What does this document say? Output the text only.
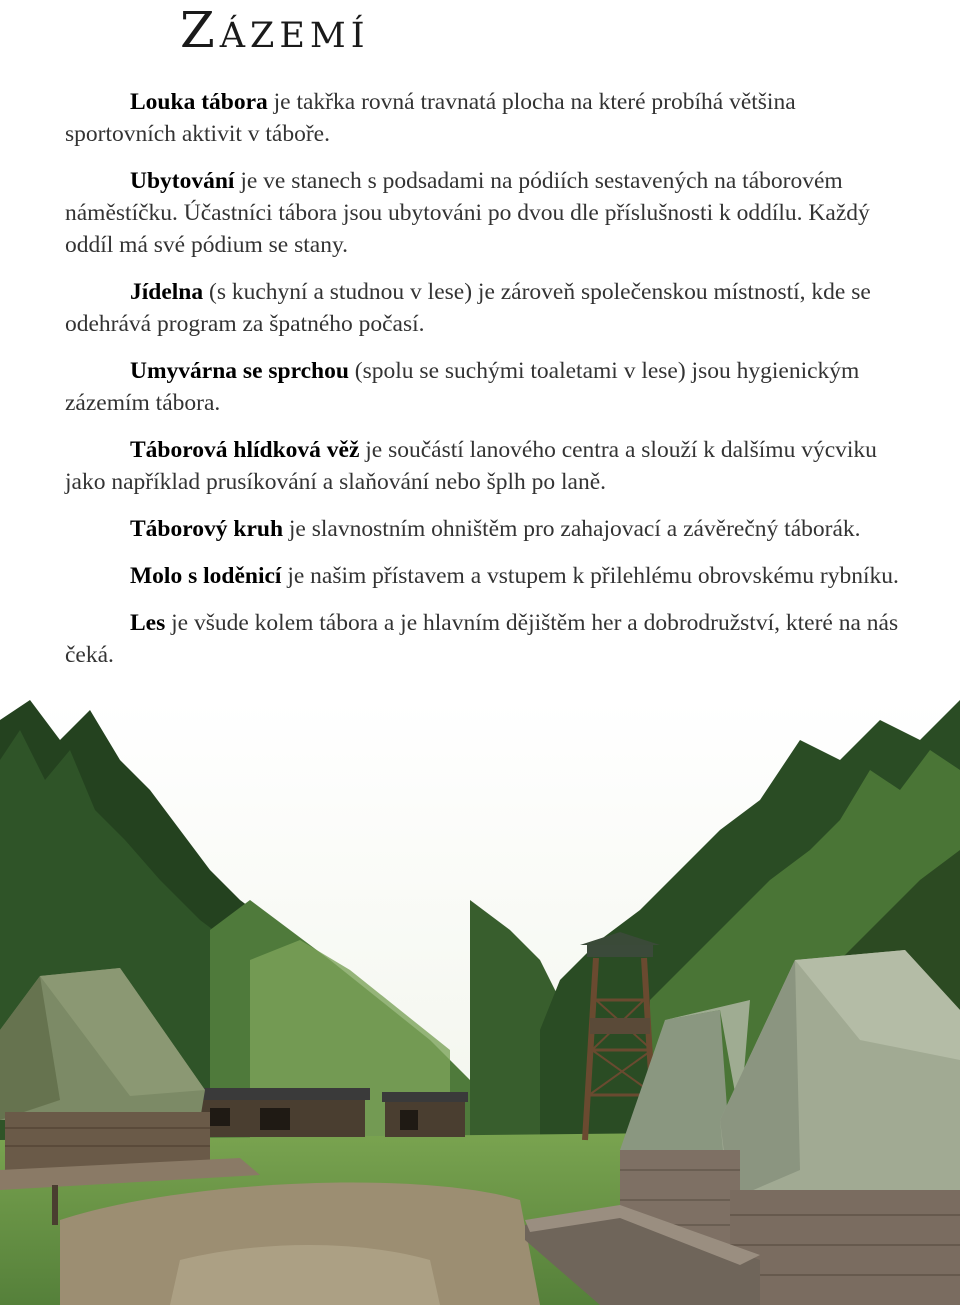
Zázemí

Louka tábora je takřka rovná travnatá plocha na které probíhá většina sportovních aktivit v táboře.

Ubytování je ve stanech s podsadami na pódiích sestavených na táborovém náměstíčku. Účastníci tábora jsou ubytováni po dvou dle příslušnosti k oddílu. Každý oddíl má své pódium se stany.

Jídelna (s kuchyní a studnou v lese) je zároveň společenskou místností, kde se odehrává program za špatného počasí.

Umyvárna se sprchou (spolu se suchými toaletami v lese) jsou hygienickým zázemím tábora.

Táborová hlídková věž je součástí lanového centra a slouží k dalšímu výcviku jako například prusíkování a slaňování nebo šplh po laně.

Táborový kruh je slavnostním ohništěm pro zahajovací a závěrečný táborák.

Molo s loděnicí je našim přístavem a vstupem k přilehlému obrovskému rybníku.

Les je všude kolem tábora a je hlavním dějištěm her a dobrodružství, které na nás čeká.
